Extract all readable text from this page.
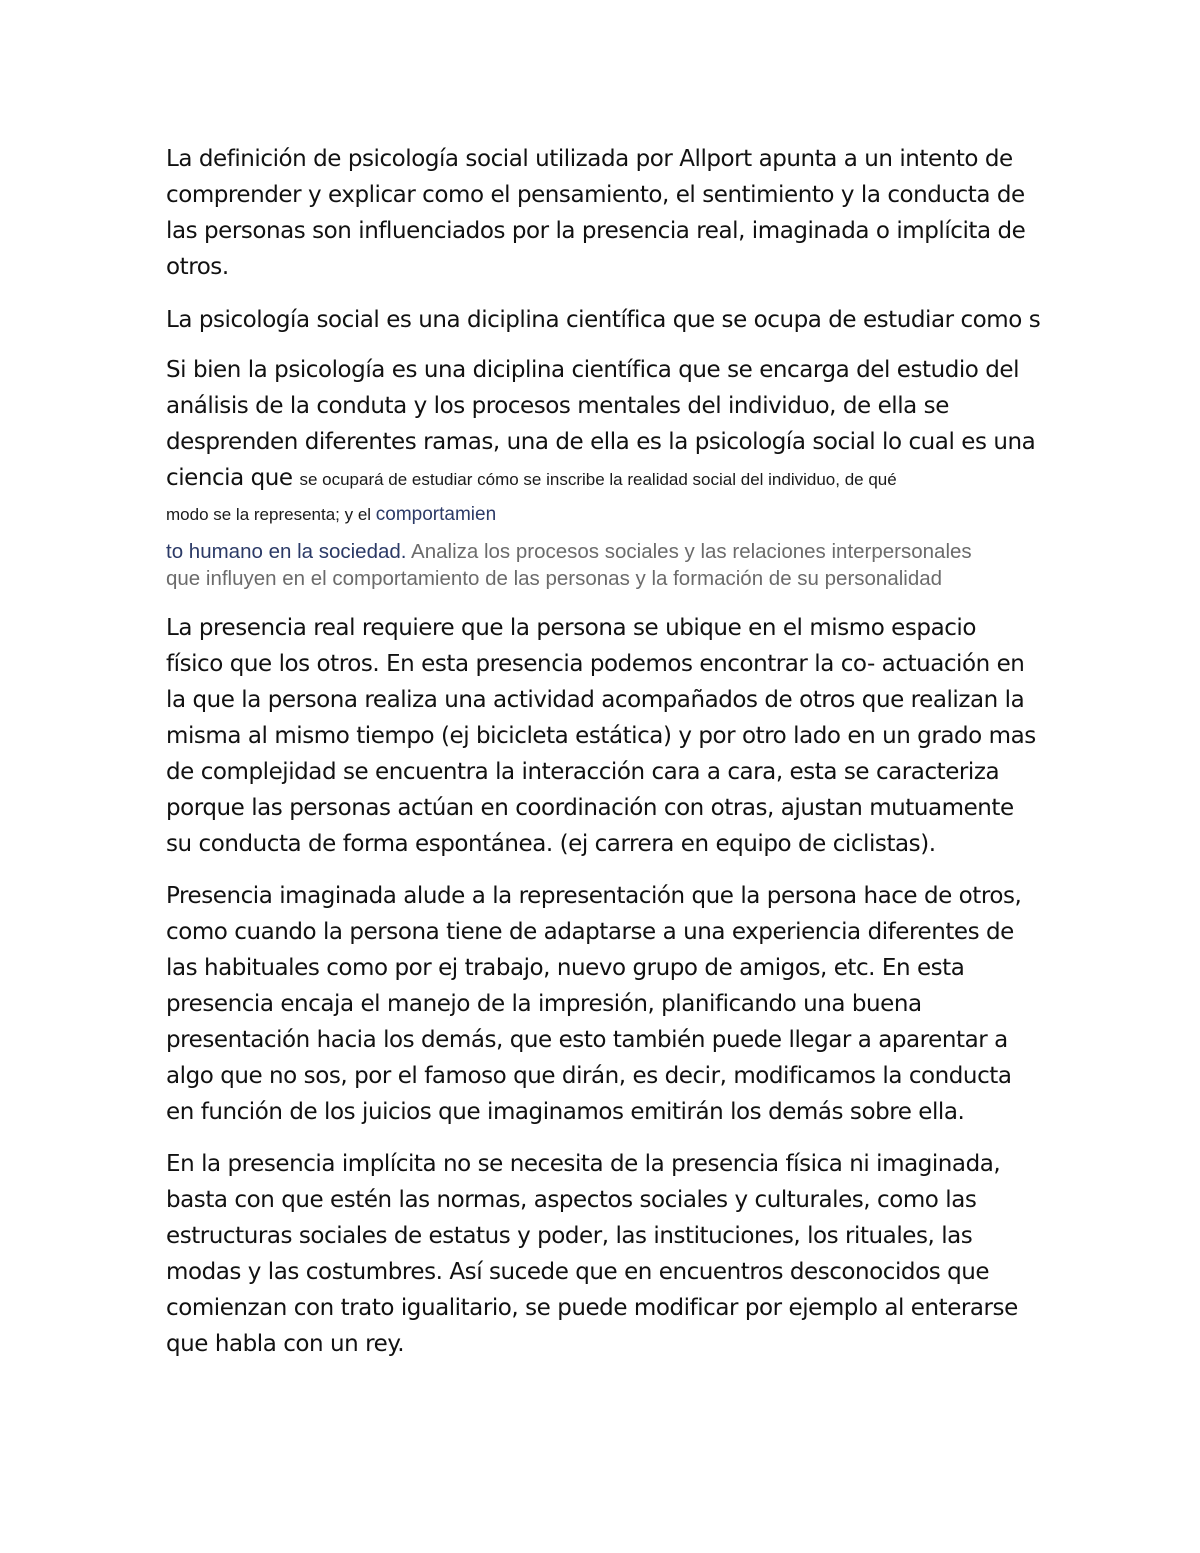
La definición de psicología social utilizada por Allport apunta a un intento de
comprender y explicar como el pensamiento, el sentimiento y la conducta de
las personas son influenciados por la presencia real, imaginada o implícita de
otros.

La psicología social es una diciplina científica que se ocupa de estudiar como s

Si bien la psicología es una diciplina científica que se encarga del estudio del
análisis de la conduta y los procesos mentales del individuo, de ella se
desprenden diferentes ramas, una de ella es la psicología social lo cual es una
ciencia que se ocupará de estudiar cómo se inscribe la realidad social del individuo, de qué
modo se la representa; y el comportamien

to humano en la sociedad. Analiza los procesos sociales y las relaciones interpersonales
que influyen en el comportamiento de las personas y la formación de su personalidad

La presencia real requiere que la persona se ubique en el mismo espacio
físico que los otros. En esta presencia podemos encontrar la co- actuación en
la que la persona realiza una actividad acompañados de otros que realizan la
misma al mismo tiempo (ej bicicleta estática) y por otro lado en un grado mas
de complejidad se encuentra la interacción cara a cara, esta se caracteriza
porque las personas actúan en coordinación con otras, ajustan mutuamente
su conducta de forma espontánea. (ej carrera en equipo de ciclistas).

Presencia imaginada alude a la representación que la persona hace de otros,
como cuando la persona tiene de adaptarse a una experiencia diferentes de
las habituales como por ej trabajo, nuevo grupo de amigos, etc. En esta
presencia encaja el manejo de la impresión, planificando una buena
presentación hacia los demás, que esto también puede llegar a aparentar a
algo que no sos, por el famoso que dirán, es decir, modificamos la conducta
en función de los juicios que imaginamos emitirán los demás sobre ella.

En la presencia implícita no se necesita de la presencia física ni imaginada,
basta con que estén las normas, aspectos sociales y culturales, como las
estructuras sociales de estatus y poder, las instituciones, los rituales, las
modas y las costumbres. Así sucede que en encuentros desconocidos que
comienzan con trato igualitario, se puede modificar por ejemplo al enterarse
que habla con un rey.
